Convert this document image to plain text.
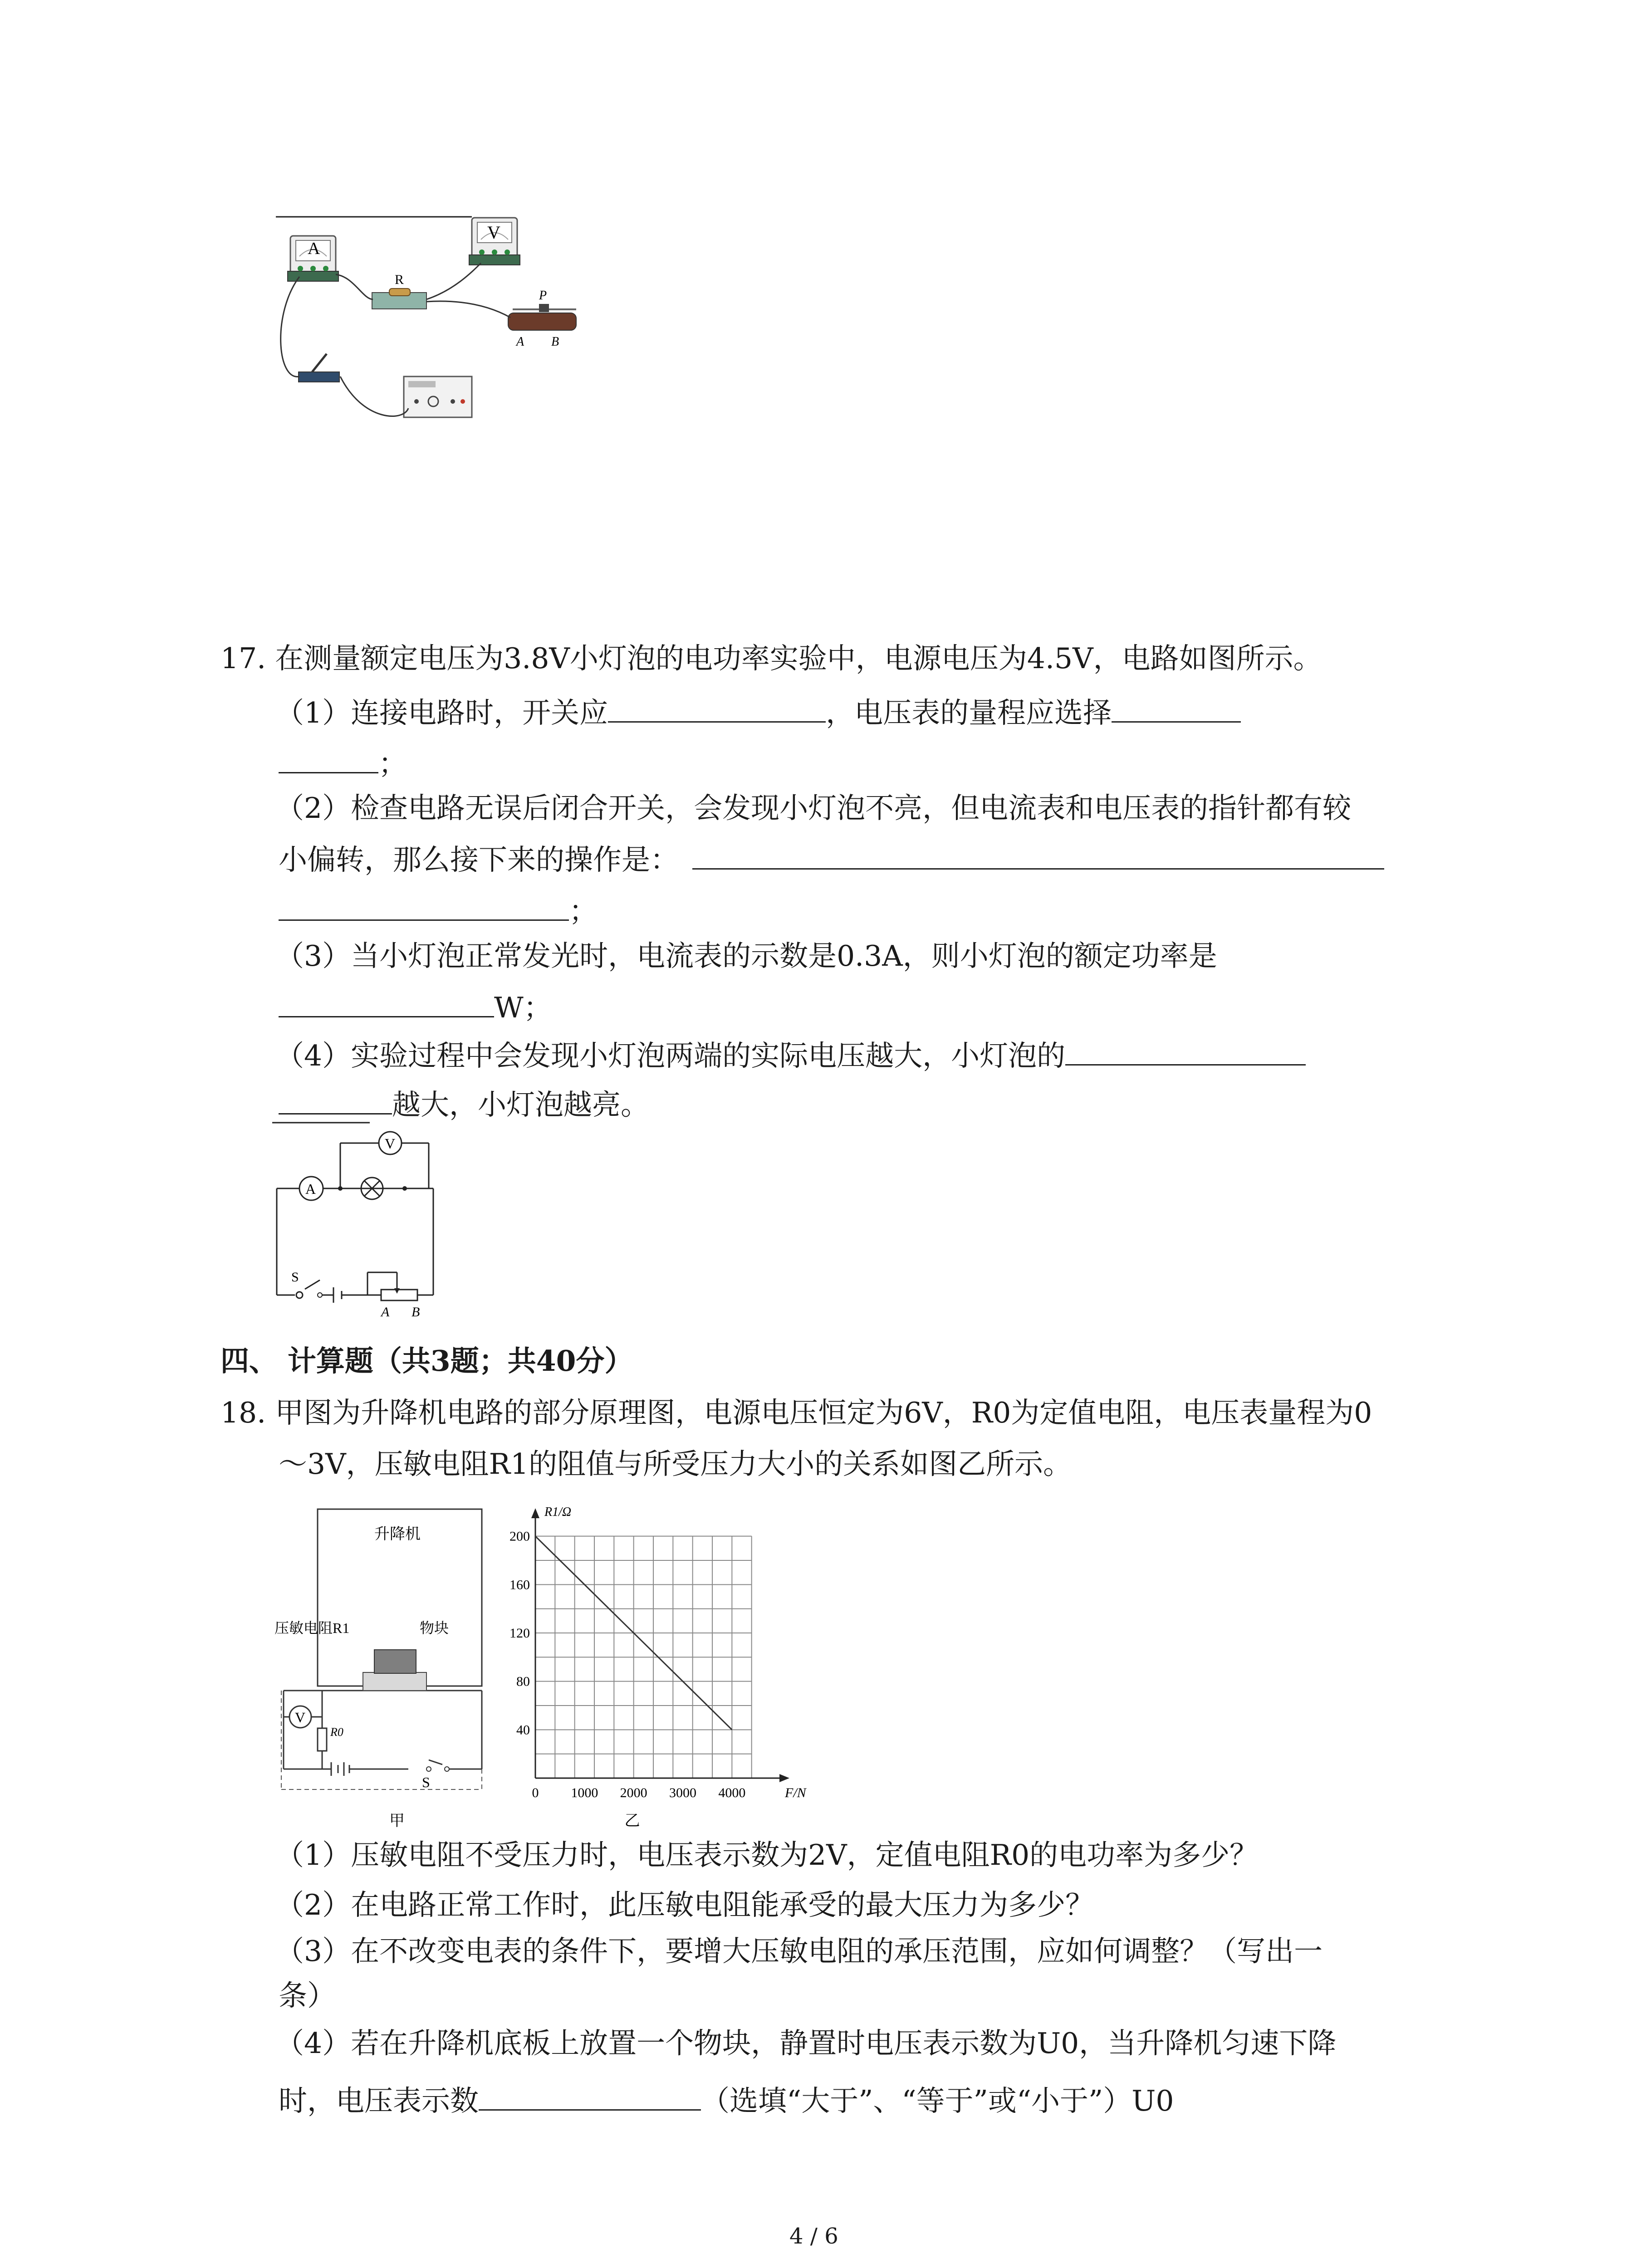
A
V
R
P
A B
17. 在测量额定电压为3.8V小灯泡的电功率实验中，电源电压为4.5V，电路如图所示。
（1）连接电路时，开关应	，电压表的量程应选择
；
（2）检查电路无误后闭合开关，会发现小灯泡不亮，但电流表和电压表的指针都有较
小偏转，那么接下来的操作是：
；
（3）当小灯泡正常发光时，电流表的示数是0.3A，则小灯泡的额定功率是
W；
（4）实验过程中会发现小灯泡两端的实际电压越大，小灯泡的
越大，小灯泡越亮。
A
V
S
A B
四、 计算题（共3题；共40分）
18. 甲图为升降机电路的部分原理图，电源电压恒定为6V，R0为定值电阻，电压表量程为0
～3V，压敏电阻R1的阻值与所受压力大小的关系如图乙所示。
升降机
压敏电阻R1	物块
V
R0
S
甲
0 1000 2000 3000 4000
40
80
120
160
200
F/N
R1/Ω
乙
（1）压敏电阻不受压力时，电压表示数为2V，定值电阻R0的电功率为多少？
（2）在电路正常工作时，此压敏电阻能承受的最大压力为多少？
（3）在不改变电表的条件下，要增大压敏电阻的承压范围，应如何调整？（写出一
条）
（4）若在升降机底板上放置一个物块，静置时电压表示数为U0，当升降机匀速下降
时，电压表示数	（选填“大于”、“等于”或“小于”）U0
4 / 6
